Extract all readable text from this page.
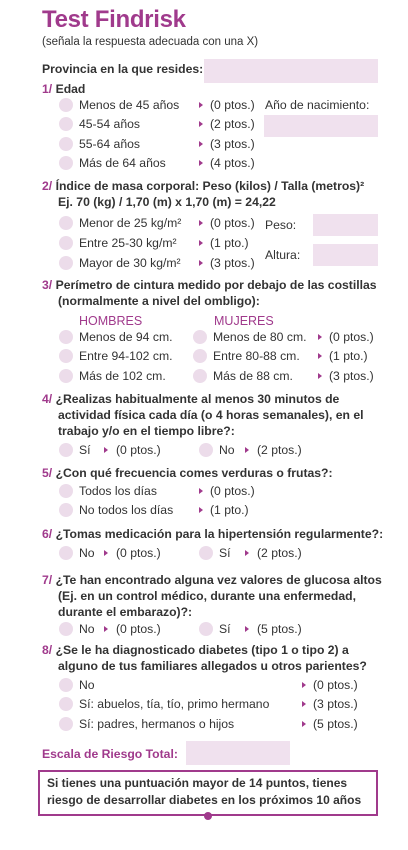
Test Findrisk
(señala la respuesta adecuada con una X)
Provincia en la que resides:
1/ Edad
Menos de 45 años	(0 ptos.)
45-54 años	(2 ptos.)
55-64 años	(3 ptos.)
Más de 64 años	(4 ptos.)
Año de nacimiento:
2/ Índice de masa corporal: Peso (kilos) / Talla (metros)²
Ej. 70 (kg) / 1,70 (m) x 1,70 (m) = 24,22
Menor de 25 kg/m² (0 ptos.)
Entre 25-30 kg/m²	(1 pto.)
Mayor de 30 kg/m² (3 ptos.)
Peso:
Altura:
3/ Perímetro de cintura medido por debajo de las costillas
(normalmente a nivel del ombligo):
HOMBRES	MUJERES
Menos de 94 cm.	Menos de 80 cm. (0 ptos.)
Entre 94-102 cm.	Entre 80-88 cm. (1 pto.)
Más de 102 cm.	Más de 88 cm.	(3 ptos.)
4/ ¿Realizas habitualmente al menos 30 minutos de
actividad física cada día (o 4 horas semanales), en el
trabajo y/o en el tiempo libre?:
Sí (0 ptos.)	No (2 ptos.)
5/ ¿Con qué frecuencia comes verduras o frutas?:
Todos los días	(0 ptos.)
No todos los días	(1 pto.)
6/ ¿Tomas medicación para la hipertensión regularmente?:
No (0 ptos.)	Sí (2 ptos.)
7/ ¿Te han encontrado alguna vez valores de glucosa altos
(Ej. en un control médico, durante una enfermedad,
durante el embarazo)?:
No (0 ptos.)	Sí (5 ptos.)
8/ ¿Se le ha diagnosticado diabetes (tipo 1 o tipo 2) a
alguno de tus familiares allegados u otros parientes?
No	(0 ptos.)
Sí: abuelos, tía, tío, primo hermano	(3 ptos.)
Sí: padres, hermanos o hijos	(5 ptos.)
Escala de Riesgo Total:
Si tienes una puntuación mayor de 14 puntos, tienes riesgo de desarrollar diabetes en los próximos 10 años
